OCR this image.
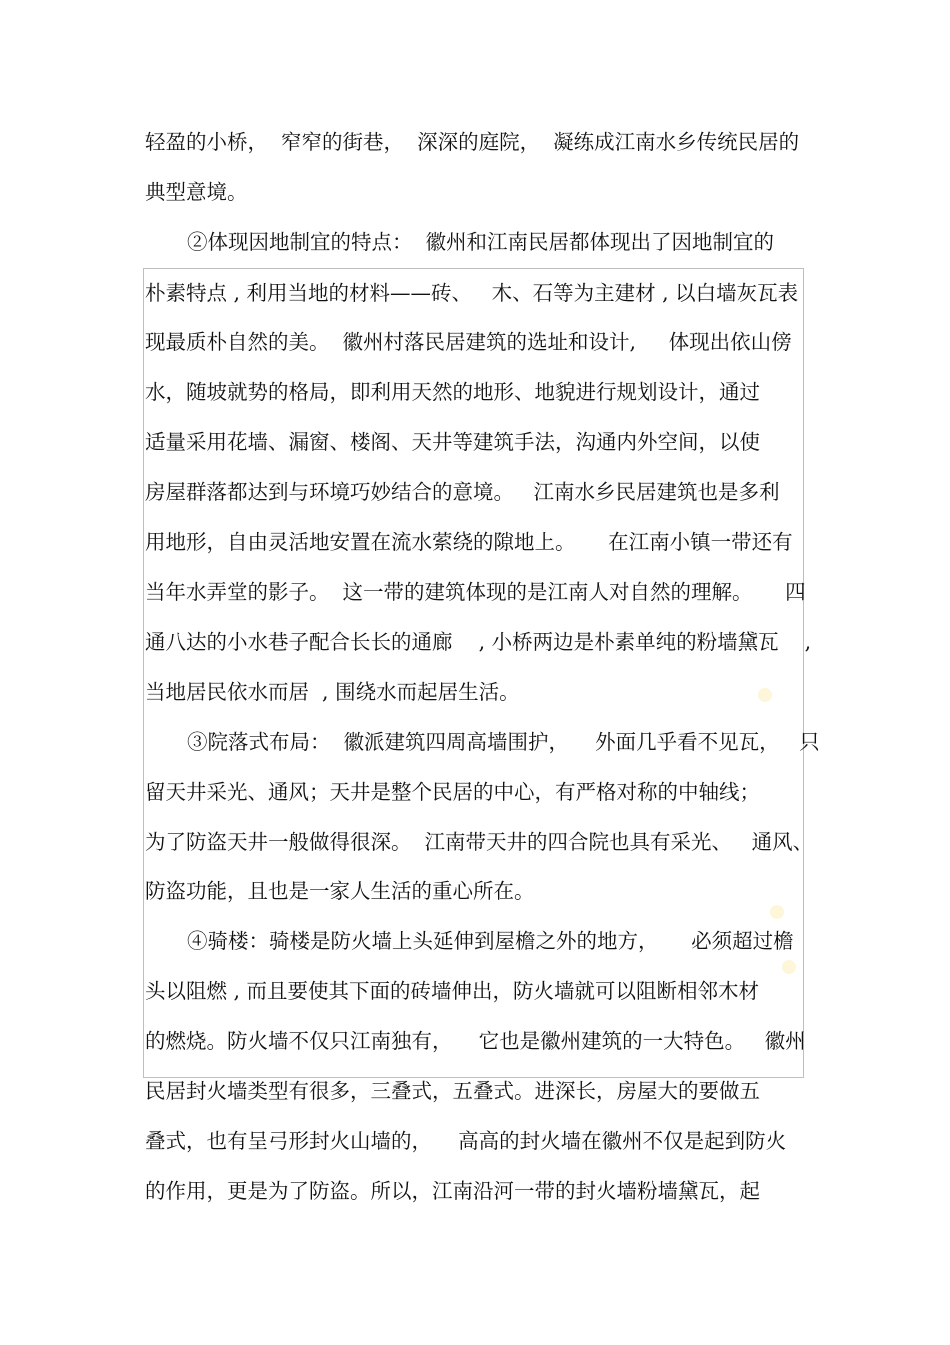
轻盈的小桥，  窄窄的街巷，  深深的庭院，  凝练成江南水乡传统民居的
典型意境。
②体现因地制宜的特点：  徽州和江南民居都体现出了因地制宜的
朴素特点 , 利用当地的材料——砖、   木、石等为主建材 , 以白墙灰瓦表
现最质朴自然的美。  徽州村落民居建筑的选址和设计,     体现出依山傍
水，随坡就势的格局，即利用天然的地形、地貌进行规划设计，通过
适量采用花墙、漏窗、楼阁、天井等建筑手法，沟通内外空间，以使
房屋群落都达到与环境巧妙结合的意境。   江南水乡民居建筑也是多利
用地形，自由灵活地安置在流水萦绕的隙地上。     在江南小镇一带还有
当年水弄堂的影子。  这一带的建筑体现的是江南人对自然的理解。     四
通八达的小水巷子配合长长的通廊    , 小桥两边是朴素单纯的粉墙黛瓦    ,
当地居民依水而居  , 围绕水而起居生活。
③院落式布局：  徽派建筑四周高墙围护，    外面几乎看不见瓦，   只
留天井采光、通风；天井是整个民居的中心，有严格对称的中轴线；
为了防盗天井一般做得很深。  江南带天井的四合院也具有采光、   通风、
防盗功能，且也是一家人生活的重心所在。
④骑楼：骑楼是防火墙上头延伸到屋檐之外的地方，     必须超过檐
头以阻燃 , 而且要使其下面的砖墙伸出，防火墙就可以阻断相邻木材
的燃烧。防火墙不仅只江南独有，    它也是徽州建筑的一大特色。   徽州
民居封火墙类型有很多，三叠式，五叠式。进深长，房屋大的要做五
叠式，也有呈弓形封火山墙的，    高高的封火墙在徽州不仅是起到防火
的作用，更是为了防盗。所以，江南沿河一带的封火墙粉墙黛瓦，起
